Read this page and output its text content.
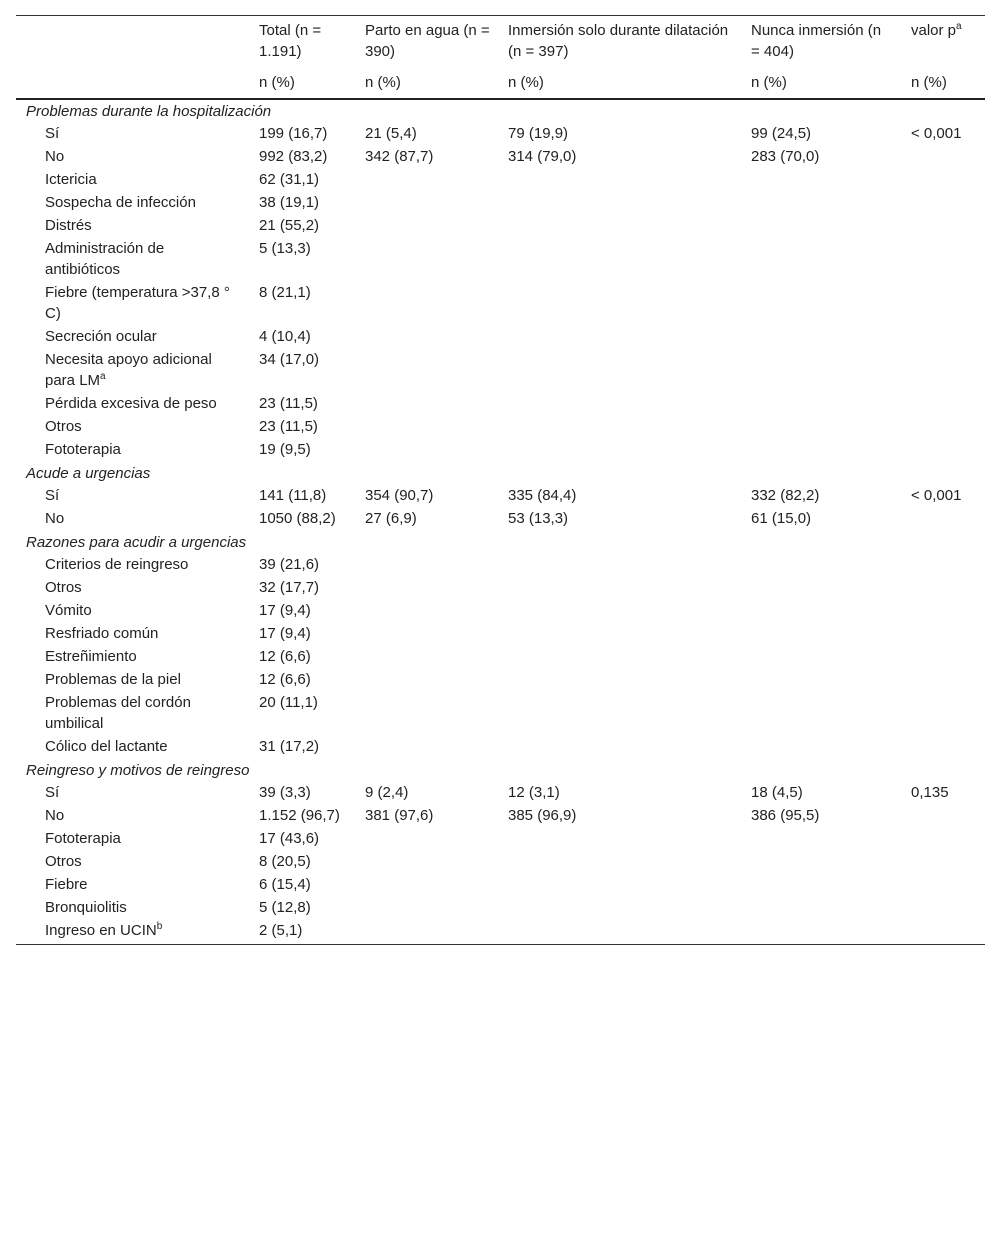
	Total (n = 1.191)	Parto en agua (n = 390)	Inmersión solo durante dilatación (n = 397)	Nunca inmersión (n = 404)	valor $p^a$
	n (%)	n (%)	n (%)	n (%)	n (%)
Problemas durante la hospitalización					

Sí	199 (16,7)	21 (5,4)	79 (19,9)	99 (24,5)	< 0,001

No	992 (83,2)	342 (87,7)	314 (79,0)	283 (70,0)	

Ictericia	62 (31,1)				

Sospecha de infección	38 (19,1)				

Distrés	21 (55,2)				

Administración de antibióticos	5 (13,3)				

Fiebre (temperatura >37,8 ° C)	8 (21,1)				

Secreción ocular	4 (10,4)				

Necesita apoyo adicional para $LM^a$	34 (17,0)				

Pérdida excesiva de peso	23 (11,5)				

Otros	23 (11,5)				

Fototerapia	19 (9,5)				
Acude a urgencias					

Sí	141 (11,8)	354 (90,7)	335 (84,4)	332 (82,2)	< 0,001

No	1050 (88,2)	27 (6,9)	53 (13,3)	61 (15,0)	
Razones para acudir a urgencias					

Criterios de reingreso	39 (21,6)				

Otros	32 (17,7)				

Vómito	17 (9,4)				

Resfriado común	17 (9,4)				

Estreñimiento	12 (6,6)				

Problemas de la piel	12 (6,6)				

Problemas del cordón umbilical	20 (11,1)				

Cólico del lactante	31 (17,2)				
Reingreso y motivos de reingreso					

Sí	39 (3,3)	9 (2,4)	12 (3,1)	18 (4,5)	0,135

No	1.152 (96,7)	381 (97,6)	385 (96,9)	386 (95,5)	

Fototerapia	17 (43,6)				

Otros	8 (20,5)				

Fiebre	6 (15,4)				

Bronquiolitis	5 (12,8)				

Ingreso en UCIN$^b$	2 (5,1)				
